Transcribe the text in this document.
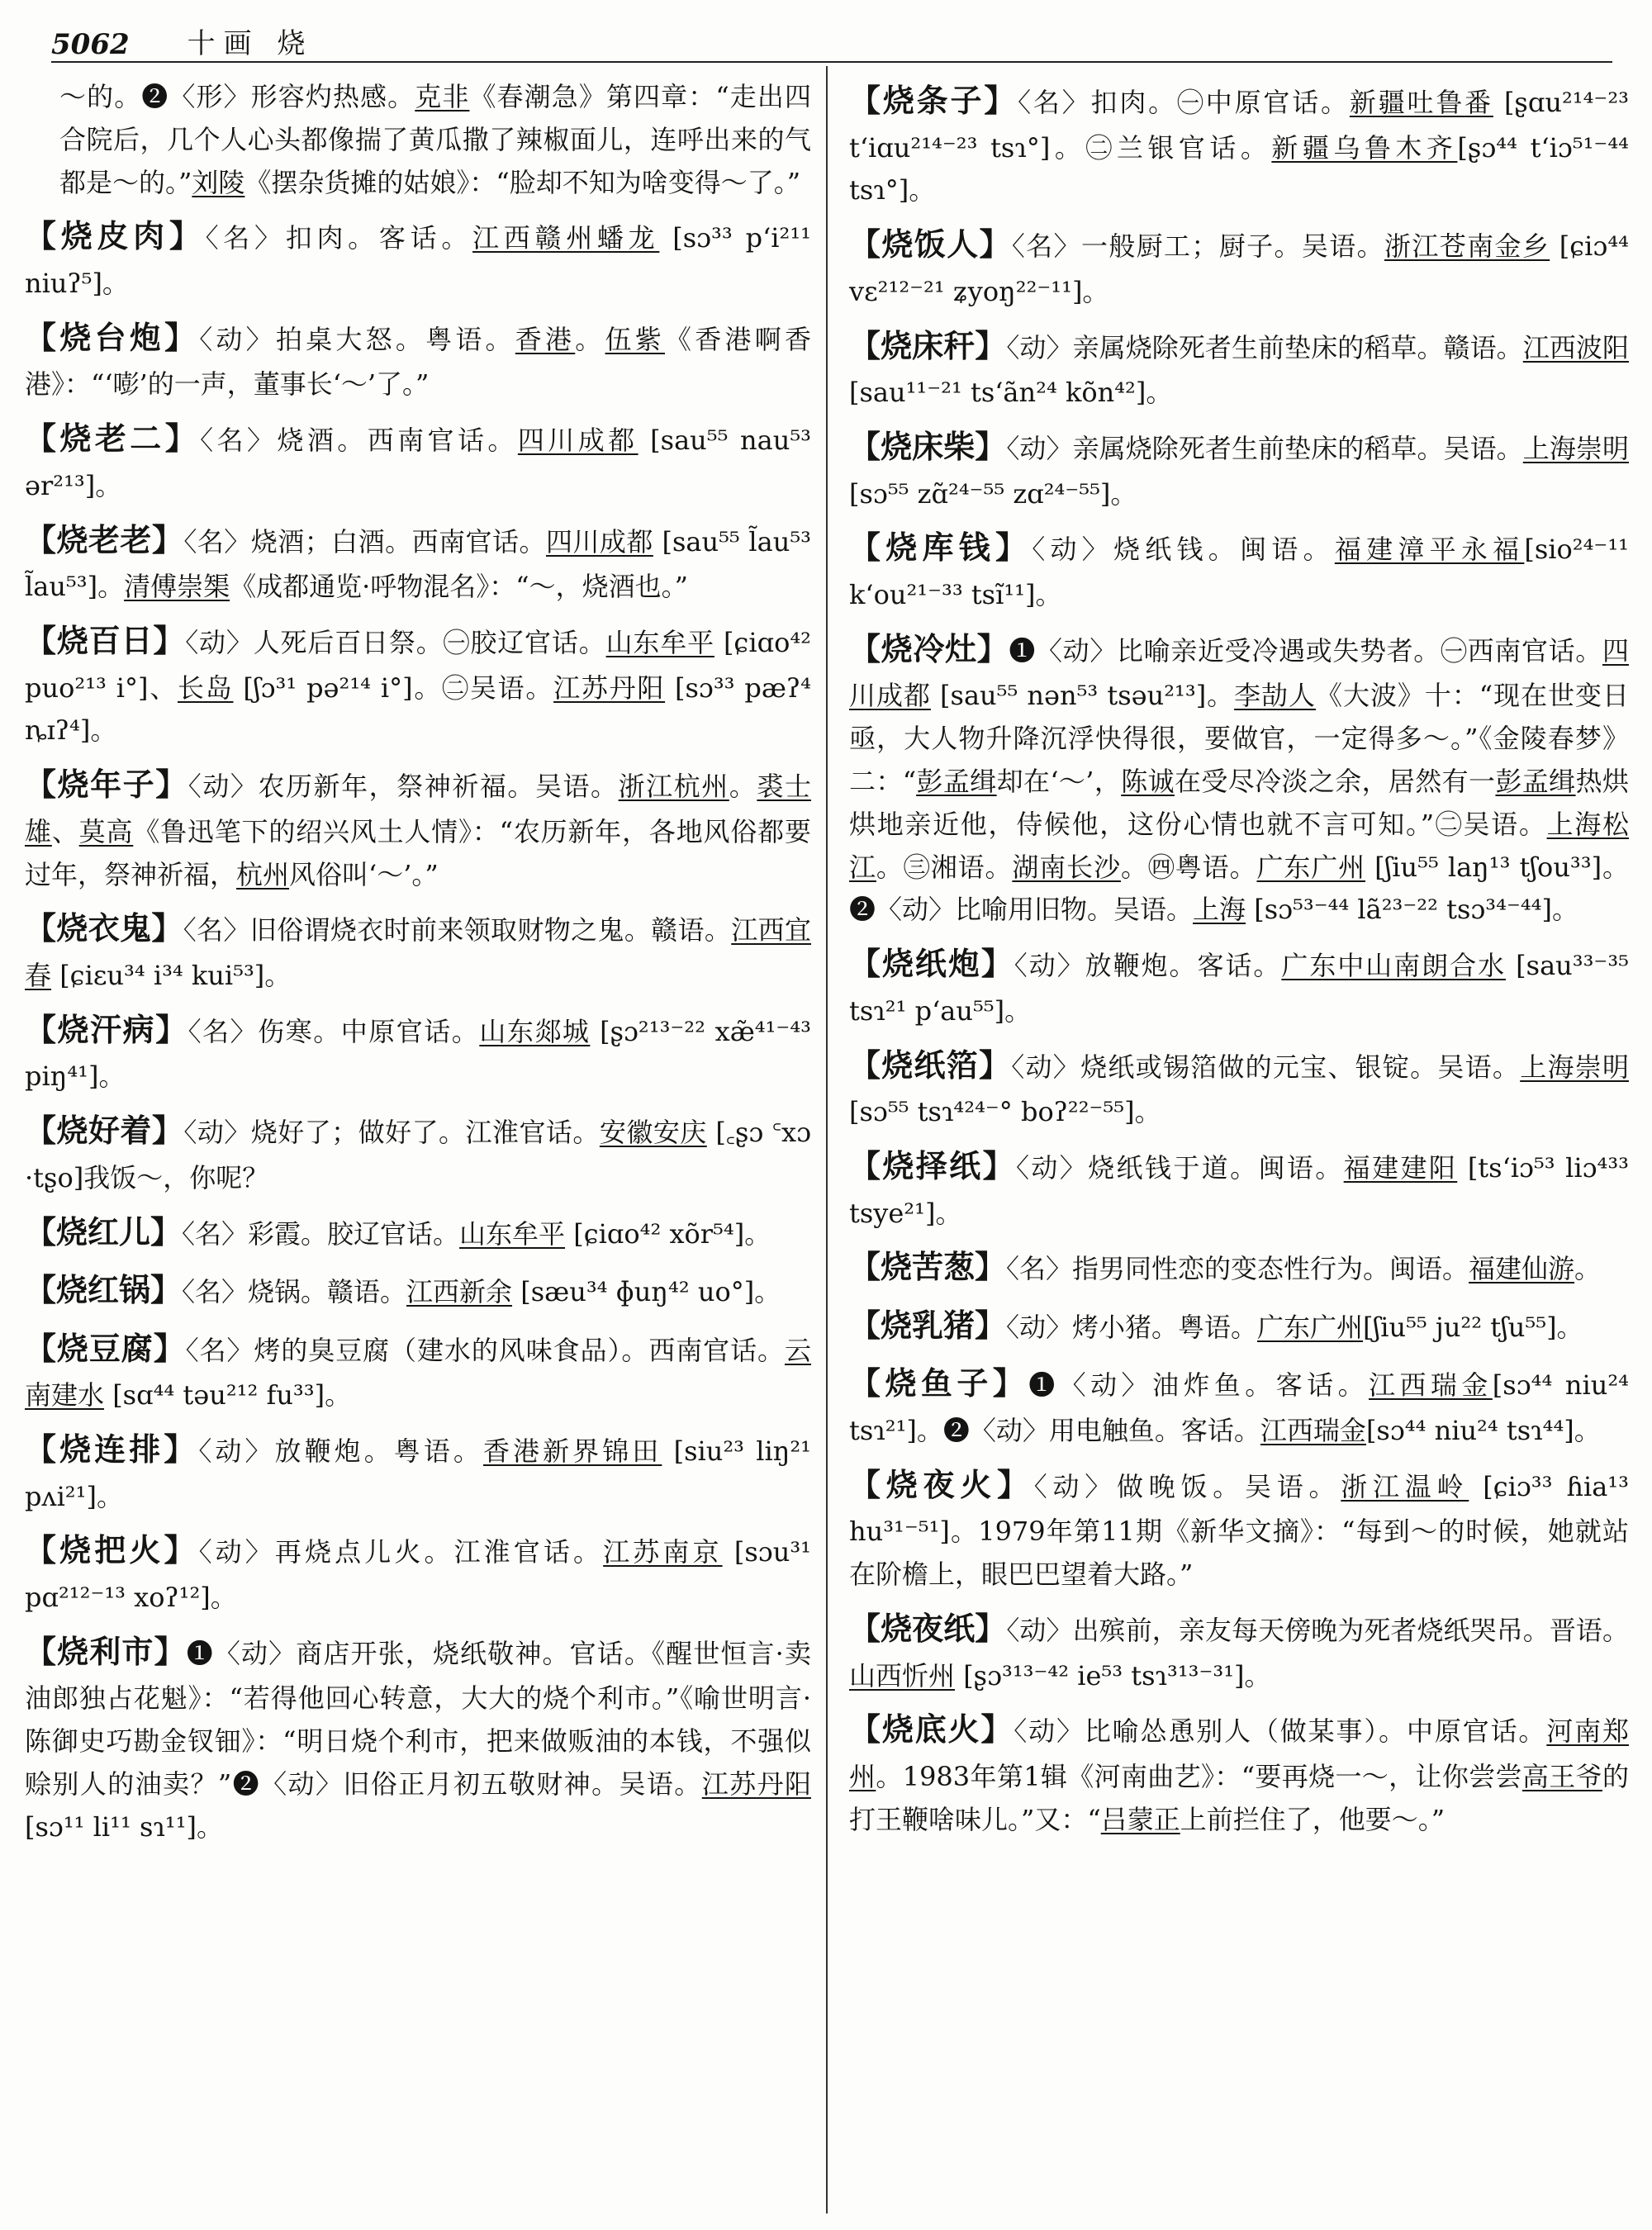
5062 十画 烧

～的。❷〈形〉形容灼热感。克非《春潮急》第四章：“走出四合院后，几个人心头都像揣了黄瓜撒了辣椒面儿，连呼出来的气都是～的。”刘陵《摆杂货摊的姑娘》：“脸却不知为啥变得～了。”

【烧皮肉】〈名〉扣肉。客话。江西赣州蟠龙 [sɔ³³ pʻi²¹¹ niuʔ⁵]。

【烧台炮】〈动〉拍桌大怒。粤语。香港。伍紫《香港啊香港》：“‘嘭’的一声，董事长‘～’了。”

【烧老二】〈名〉烧酒。西南官话。四川成都 [sau⁵⁵ nau⁵³ ər²¹³]。

【烧老老】〈名〉烧酒；白酒。西南官话。四川成都 [sau⁵⁵ l̃au⁵³ l̃au⁵³]。清傅崇榘《成都通览·呼物混名》：“～，烧酒也。”

【烧百日】〈动〉人死后百日祭。㊀胶辽官话。山东牟平 [ɕiɑo⁴² puo²¹³ i°]、长岛 [ʃɔ³¹ pə²¹⁴ i°]。㊁吴语。江苏丹阳 [sɔ³³ pæʔ⁴ ȵɪʔ⁴]。

【烧年子】〈动〉农历新年，祭神祈福。吴语。浙江杭州。裘士雄、莫高《鲁迅笔下的绍兴风土人情》：“农历新年，各地风俗都要过年，祭神祈福，杭州风俗叫‘～’。”

【烧衣鬼】〈名〉旧俗谓烧衣时前来领取财物之鬼。赣语。江西宜春 [ɕiɛu³⁴ i³⁴ kui⁵³]。

【烧汗病】〈名〉伤寒。中原官话。山东郯城 [ʂɔ²¹³⁻²² xæ̃⁴¹⁻⁴³ piŋ⁴¹]。

【烧好着】〈动〉烧好了；做好了。江淮官话。安徽安庆 [꜀ʂɔ ꜂xɔ ·tʂo]我饭～，你呢？

【烧红儿】〈名〉彩霞。胶辽官话。山东牟平 [ɕiɑo⁴² xõr⁵⁴]。

【烧红锅】〈名〉烧锅。赣语。江西新余 [sæu³⁴ ɸuŋ⁴² uo°]。

【烧豆腐】〈名〉烤的臭豆腐（建水的风味食品）。西南官话。云南建水 [sɑ⁴⁴ təu²¹² fu³³]。

【烧连排】〈动〉放鞭炮。粤语。香港新界锦田 [siu²³ liŋ²¹ pʌi²¹]。

【烧把火】〈动〉再烧点儿火。江淮官话。江苏南京 [sɔu³¹ pɑ²¹²⁻¹³ xoʔ¹²]。

【烧利市】❶〈动〉商店开张，烧纸敬神。官话。《醒世恒言·卖油郎独占花魁》：“若得他回心转意，大大的烧个利市。”《喻世明言·陈御史巧勘金钗钿》：“明日烧个利市，把来做贩油的本钱，不强似赊别人的油卖？”❷〈动〉旧俗正月初五敬财神。吴语。江苏丹阳 [sɔ¹¹ li¹¹ sɿ¹¹]。

【烧条子】〈名〉扣肉。㊀中原官话。新疆吐鲁番 [ʂɑu²¹⁴⁻²³ tʻiɑu²¹⁴⁻²³ tsɿ°]。㊁兰银官话。新疆乌鲁木齐[ʂɔ⁴⁴ tʻiɔ⁵¹⁻⁴⁴ tsɿ°]。

【烧饭人】〈名〉一般厨工；厨子。吴语。浙江苍南金乡 [ɕiɔ⁴⁴ vɛ²¹²⁻²¹ ʑyoŋ²²⁻¹¹]。

【烧床秆】〈动〉亲属烧除死者生前垫床的稻草。赣语。江西波阳 [sau¹¹⁻²¹ tsʻãn²⁴ kõn⁴²]。

【烧床柴】〈动〉亲属烧除死者生前垫床的稻草。吴语。上海崇明 [sɔ⁵⁵ zɑ̃²⁴⁻⁵⁵ zɑ²⁴⁻⁵⁵]。

【烧库钱】〈动〉烧纸钱。闽语。福建漳平永福[sio²⁴⁻¹¹ kʻou²¹⁻³³ tsĩ¹¹]。

【烧冷灶】❶〈动〉比喻亲近受冷遇或失势者。㊀西南官话。四川成都 [sau⁵⁵ nən⁵³ tsəu²¹³]。李劼人《大波》十：“现在世变日亟，大人物升降沉浮快得很，要做官，一定得多～。”《金陵春梦》二：“彭孟缉却在‘～’，陈诚在受尽冷淡之余，居然有一彭孟缉热烘烘地亲近他，侍候他，这份心情也就不言可知。”㊁吴语。上海松江。㊂湘语。湖南长沙。㊃粤语。广东广州 [ʃiu⁵⁵ laŋ¹³ tʃou³³]。❷〈动〉比喻用旧物。吴语。上海 [sɔ⁵³⁻⁴⁴ lã²³⁻²² tsɔ³⁴⁻⁴⁴]。

【烧纸炮】〈动〉放鞭炮。客话。广东中山南朗合水 [sau³³⁻³⁵ tsɿ²¹ pʻau⁵⁵]。

【烧纸箔】〈动〉烧纸或锡箔做的元宝、银锭。吴语。上海崇明 [sɔ⁵⁵ tsɿ⁴²⁴⁻° boʔ²²⁻⁵⁵]。

【烧择纸】〈动〉烧纸钱于道。闽语。福建建阳 [tsʻiɔ⁵³ liɔ⁴³³ tsye²¹]。

【烧苦葱】〈名〉指男同性恋的变态性行为。闽语。福建仙游。

【烧乳猪】〈动〉烤小猪。粤语。广东广州[ʃiu⁵⁵ ju²² tʃu⁵⁵]。

【烧鱼子】❶〈动〉油炸鱼。客话。江西瑞金[sɔ⁴⁴ niu²⁴ tsɿ²¹]。❷〈动〉用电触鱼。客话。江西瑞金[sɔ⁴⁴ niu²⁴ tsɿ⁴⁴]。

【烧夜火】〈动〉做晚饭。吴语。浙江温岭 [ɕiɔ³³ ɦia¹³ hu³¹⁻⁵¹]。1979年第11期《新华文摘》：“每到～的时候，她就站在阶檐上，眼巴巴望着大路。”

【烧夜纸】〈动〉出殡前，亲友每天傍晚为死者烧纸哭吊。晋语。山西忻州 [ʂɔ³¹³⁻⁴² ie⁵³ tsɿ³¹³⁻³¹]。

【烧底火】〈动〉比喻怂恿别人（做某事）。中原官话。河南郑州。1983年第1辑《河南曲艺》：“要再烧一～，让你尝尝高王爷的打王鞭啥味儿。”又：“吕蒙正上前拦住了，他要～。”
